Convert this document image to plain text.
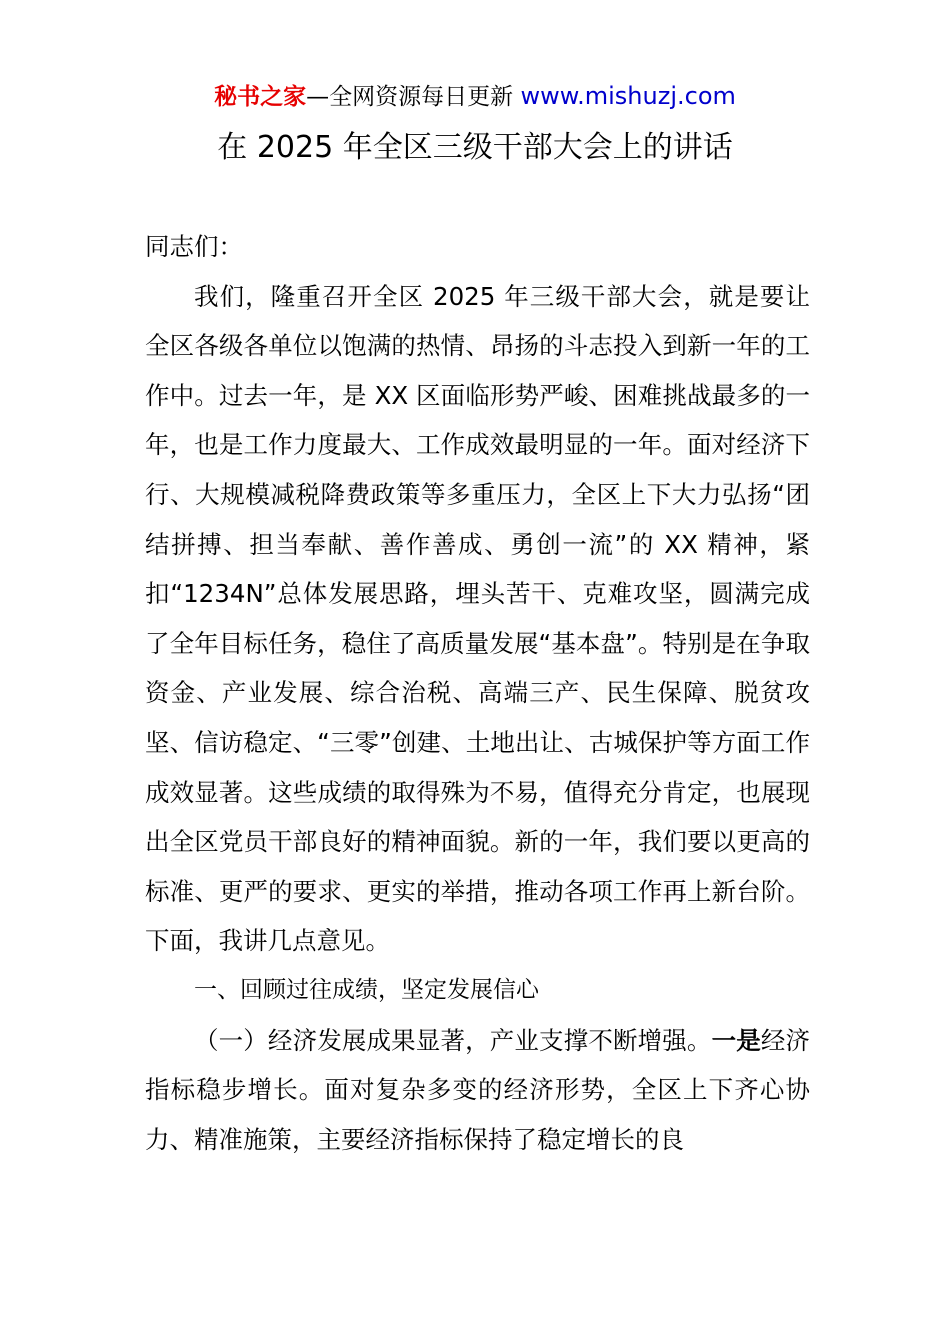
秘书之家—全网资源每日更新 www.mishuzj.com
在 2025 年全区三级干部大会上的讲话

同志们：

我们，隆重召开全区 2025 年三级干部大会，就是要让全区各级各单位以饱满的热情、昂扬的斗志投入到新一年的工作中。过去一年，是 XX 区面临形势严峻、困难挑战最多的一年，也是工作力度最大、工作成效最明显的一年。面对经济下行、大规模减税降费政策等多重压力，全区上下大力弘扬“团结拼搏、担当奉献、善作善成、勇创一流”的 XX 精神，紧扣“1234N”总体发展思路，埋头苦干、克难攻坚，圆满完成了全年目标任务，稳住了高质量发展“基本盘”。特别是在争取资金、产业发展、综合治税、高端三产、民生保障、脱贫攻坚、信访稳定、“三零”创建、土地出让、古城保护等方面工作成效显著。这些成绩的取得殊为不易，值得充分肯定，也展现出全区党员干部良好的精神面貌。新的一年，我们要以更高的标准、更严的要求、更实的举措，推动各项工作再上新台阶。下面，我讲几点意见。

一、回顾过往成绩，坚定发展信心

（一）经济发展成果显著，产业支撑不断增强。一是经济指标稳步增长。面对复杂多变的经济形势，全区上下齐心协力、精准施策，主要经济指标保持了稳定增长的良
